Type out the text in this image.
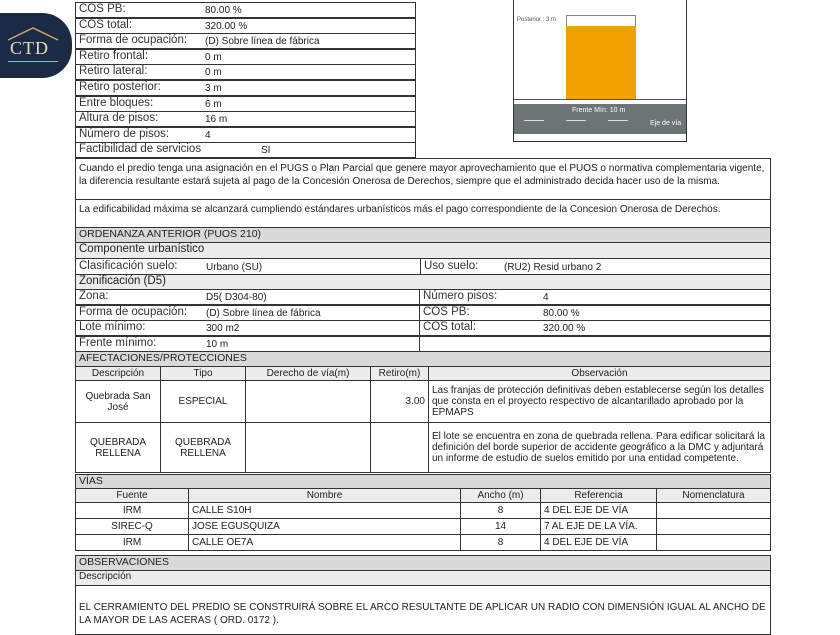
COS PB:	80.00 %
COS total:	320.00 %
Forma de ocupación: (D) Sobre línea de fábrica
Retiro frontal:	0 m
Retiro lateral:	0 m
Retiro posterior:	3 m
Entre bloques:	6 m
Altura de pisos:	16 m
Número de pisos:	4
Factibilidad de servicios	SI
Posterior : 3 m
Frente Mín: 10 m
Eje de vía
Cuando el predio tenga una asignación en el PUGS o Plan Parcial que genere mayor aprovechamiento que el PUOS o normativa complementaria vigente, la diferencia resultante estará sujeta al pago de la Concesión Onerosa de Derechos, siempre que el administrado decida hacer uso de la misma.
La edificabilidad máxima se alcanzará cumpliendo estándares urbanísticos más el pago correspondiente de la Concesion Onerosa de Derechos.
ORDENANZA ANTERIOR (PUOS 210)
Componente urbanístico
Clasificación suelo:	Urbano (SU)	Uso suelo:	(RU2) Resid urbano 2
Zonificación (D5)
Zona:	D5( D304-80)
Forma de ocupación: (D) Sobre línea de fábrica
Lote mínimo:	300 m2
Frente mínimo:	10 m
Número pisos:	4
COS PB:	80.00 %
COS total:	320.00 %
AFECTACIONES/PROTECCIONES
Descripción	Tipo	Derecho de vía(m)	Retiro(m)	Observación
Quebrada San José	ESPECIAL		3.00	Las franjas de protección definitivas deben establecerse según los detalles que consta en el proyecto respectivo de alcantarillado aprobado por la EPMAPS
QUEBRADA RELLENA	QUEBRADA RELLENA			El lote se encuentra en zona de quebrada rellena. Para edificar solicitará la definición del borde superior de accidente geográfico a la DMC y adjuntará un informe de estudio de suelos emitido por una entidad competente.
VÍAS
Fuente	Nombre	Ancho (m)	Referencia	Nomenclatura
IRM	CALLE S10H	8	4 DEL EJE DE VÍA	
SIREC-Q	JOSE EGUSQUIZA	14	7 AL EJE DE LA VÍA.	
IRM	CALLE OE7A	8	4 DEL EJE DE VÍA	
OBSERVACIONES
Descripción
EL CERRAMIENTO DEL PREDIO SE CONSTRUIRÁ SOBRE EL ARCO RESULTANTE DE APLICAR UN RADIO CON DIMENSIÓN IGUAL AL ANCHO DE LA MAYOR DE LAS ACERAS ( ORD. 0172 ).
CTD
